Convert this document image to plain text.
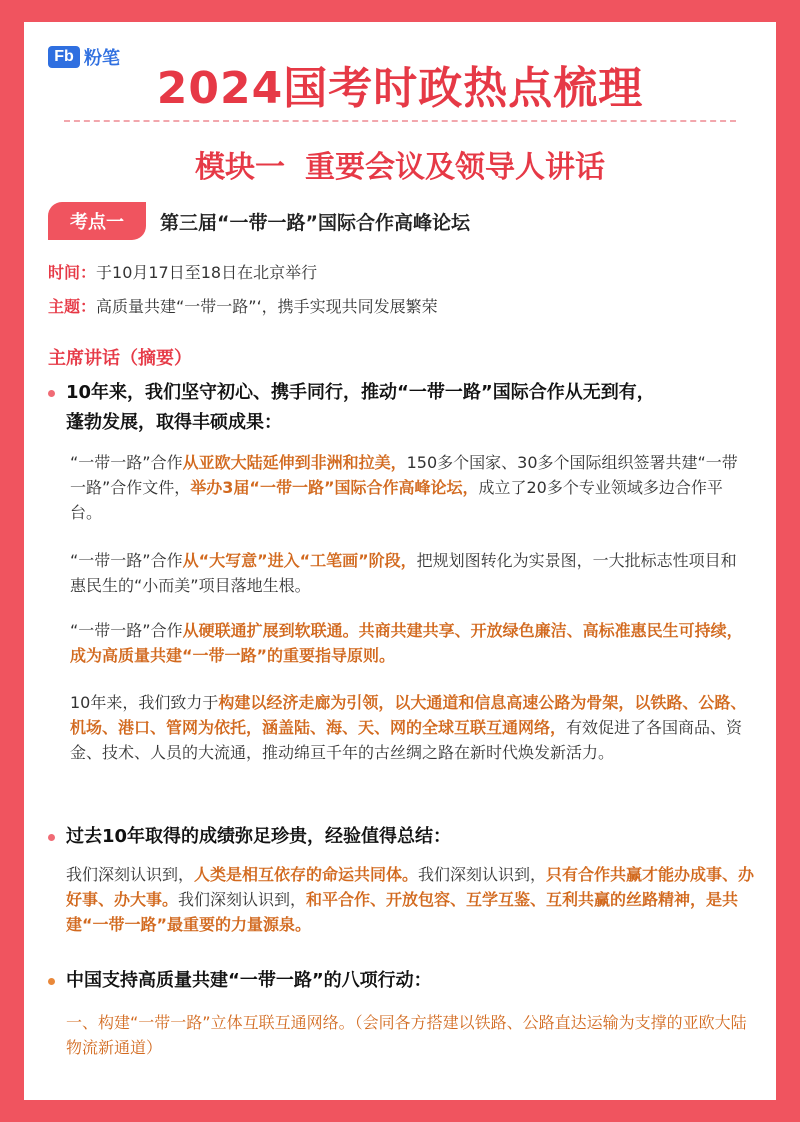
Fb 粉笔
2024国考时政热点梳理
模块一 重要会议及领导人讲话
考点一	第三届“一带一路”国际合作高峰论坛
时间：于10月17日至18日在北京举行
主题：高质量共建“一带一路”‘，携手实现共同发展繁荣
主席讲话（摘要）
10年来，我们坚守初心、携手同行，推动“一带一路”国际合作从无到有，
蓬勃发展，取得丰硕成果：
“一带一路”合作从亚欧大陆延伸到非洲和拉美，150多个国家、30多个国际组织签署共建“一带一路”合作文件，举办3届“一带一路”国际合作高峰论坛，成立了20多个专业领域多边合作平台。
“一带一路”合作从“大写意”进入“工笔画”阶段，把规划图转化为实景图，一大批标志性项目和惠民生的“小而美”项目落地生根。
“一带一路”合作从硬联通扩展到软联通。共商共建共享、开放绿色廉洁、高标准惠民生可持续，成为高质量共建“一带一路”的重要指导原则。
10年来，我们致力于构建以经济走廊为引领，以大通道和信息高速公路为骨架，以铁路、公路、机场、港口、管网为依托，涵盖陆、海、天、网的全球互联互通网络，有效促进了各国商品、资金、技术、人员的大流通，推动绵亘千年的古丝绸之路在新时代焕发新活力。
过去10年取得的成绩弥足珍贵，经验值得总结：
我们深刻认识到，人类是相互依存的命运共同体。我们深刻认识到，只有合作共赢才能办成事、办好事、办大事。我们深刻认识到，和平合作、开放包容、互学互鉴、互利共赢的丝路精神，是共建“一带一路”最重要的力量源泉。
中国支持高质量共建“一带一路”的八项行动：
一、构建“一带一路”立体互联互通网络。（会同各方搭建以铁路、公路直达运输为支撑的亚欧大陆物流新通道）
